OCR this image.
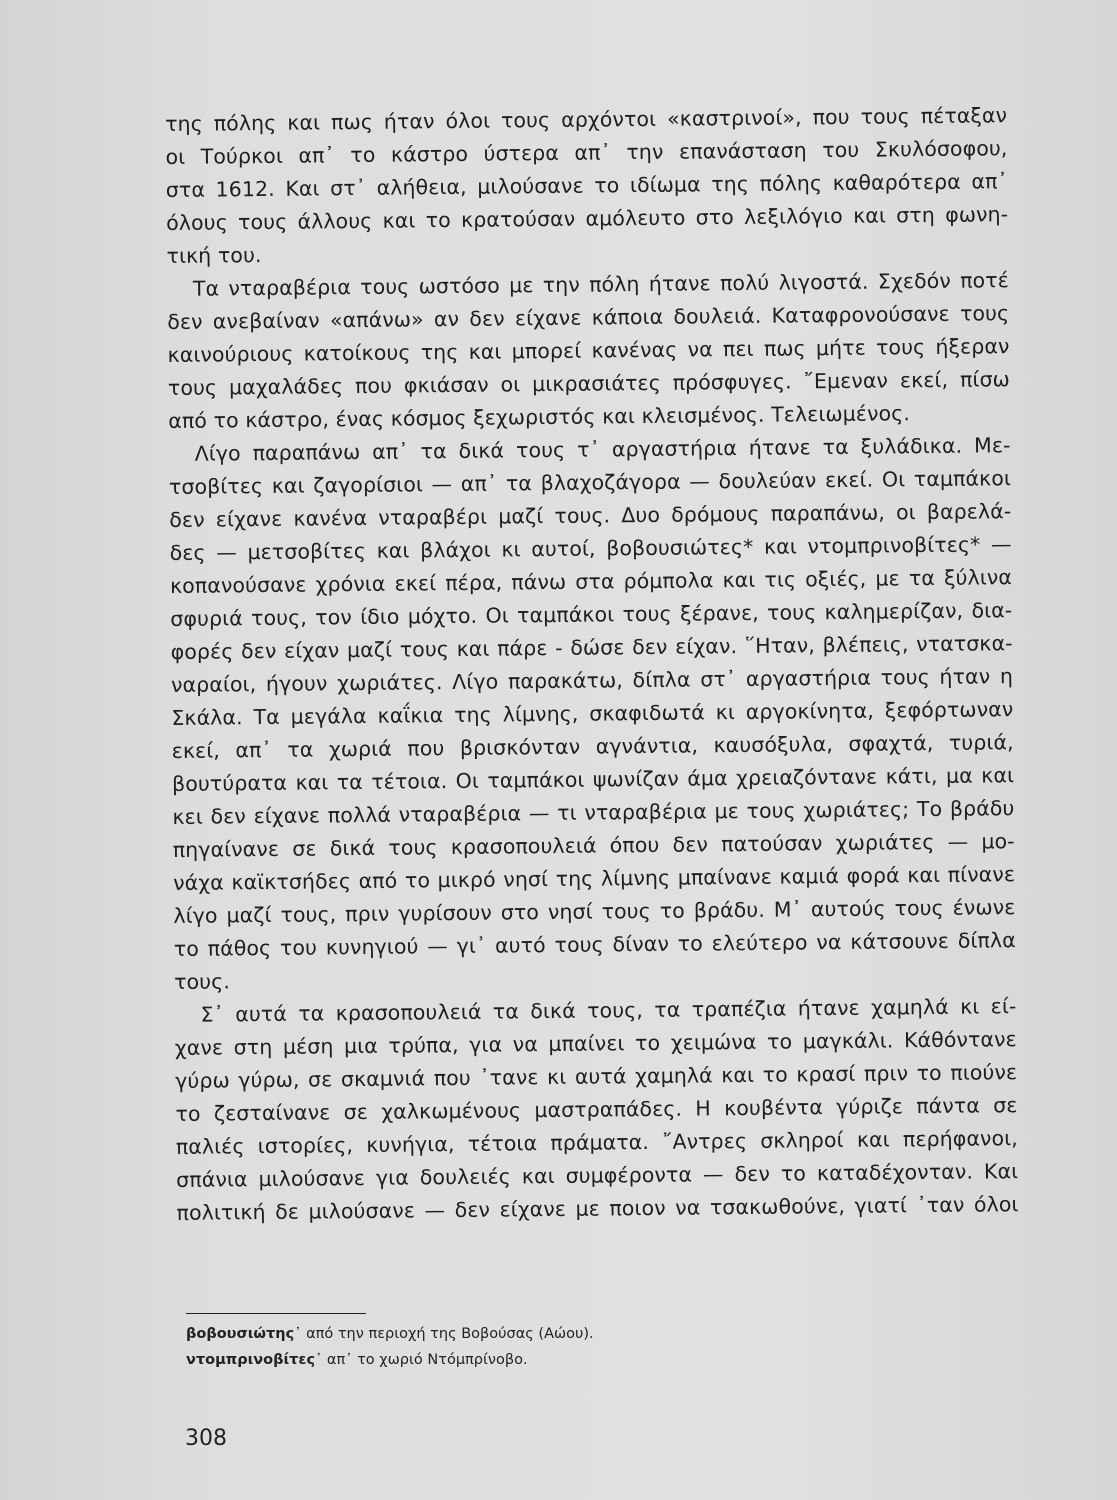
της πόλης και πως ήταν όλοι τους αρχόντοι «καστρινοί», που τους πέταξαν
οι Τούρκοι απ᾿ το κάστρο ύστερα απ᾿ την επανάσταση του Σκυλόσοφου,
στα 1612. Και στ᾿ αλήθεια, μιλούσανε το ιδίωμα της πόλης καθαρότερα απ᾿
όλους τους άλλους και το κρατούσαν αμόλευτο στο λεξιλόγιο και στη φωνη-
τική του.
Τα νταραβέρια τους ωστόσο με την πόλη ήτανε πολύ λιγοστά. Σχεδόν ποτέ
δεν ανεβαίναν «απάνω» αν δεν είχανε κάποια δουλειά. Καταφρονούσανε τους
καινούριους κατοίκους της και μπορεί κανένας να πει πως μήτε τους ήξεραν
τους μαχαλάδες που φκιάσαν οι μικρασιάτες πρόσφυγες. ῎Εμεναν εκεί, πίσω
από το κάστρο, ένας κόσμος ξεχωριστός και κλεισμένος. Τελειωμένος.
Λίγο παραπάνω απ᾿ τα δικά τους τ᾿ αργαστήρια ήτανε τα ξυλάδικα. Με-
τσοβίτες και ζαγορίσιοι — απ᾿ τα βλαχοζάγορα — δουλεύαν εκεί. Οι ταμπάκοι
δεν είχανε κανένα νταραβέρι μαζί τους. Δυο δρόμους παραπάνω, οι βαρελά-
δες — μετσοβίτες και βλάχοι κι αυτοί, βοβουσιώτες* και ντομπρινοβίτες* —
κοπανούσανε χρόνια εκεί πέρα, πάνω στα ρόμπολα και τις οξιές, με τα ξύλινα
σφυριά τους, τον ίδιο μόχτο. Οι ταμπάκοι τους ξέρανε, τους καλημερίζαν, δια-
φορές δεν είχαν μαζί τους και πάρε - δώσε δεν είχαν. ῞Ηταν, βλέπεις, ντατσκα-
ναραίοι, ήγουν χωριάτες. Λίγο παρακάτω, δίπλα στ᾿ αργαστήρια τους ήταν η
Σκάλα. Τα μεγάλα καΐκια της λίμνης, σκαφιδωτά κι αργοκίνητα, ξεφόρτωναν
εκεί, απ᾿ τα χωριά που βρισκόνταν αγνάντια, καυσόξυλα, σφαχτά, τυριά,
βουτύρατα και τα τέτοια. Οι ταμπάκοι ψωνίζαν άμα χρειαζόντανε κάτι, μα και
κει δεν είχανε πολλά νταραβέρια — τι νταραβέρια με τους χωριάτες; Το βράδυ
πηγαίνανε σε δικά τους κρασοπουλειά όπου δεν πατούσαν χωριάτες — μο-
νάχα καϊκτσήδες από το μικρό νησί της λίμνης μπαίνανε καμιά φορά και πίνανε
λίγο μαζί τους, πριν γυρίσουν στο νησί τους το βράδυ. Μ᾿ αυτούς τους ένωνε
το πάθος του κυνηγιού — γι᾿ αυτό τους δίναν το ελεύτερο να κάτσουνε δίπλα
τους.
Σ᾿ αυτά τα κρασοπουλειά τα δικά τους, τα τραπέζια ήτανε χαμηλά κι εί-
χανε στη μέση μια τρύπα, για να μπαίνει το χειμώνα το μαγκάλι. Κάθόντανε
γύρω γύρω, σε σκαμνιά που ᾿τανε κι αυτά χαμηλά και το κρασί πριν το πιούνε
το ζεσταίνανε σε χαλκωμένους μαστραπάδες. Η κουβέντα γύριζε πάντα σε
παλιές ιστορίες, κυνήγια, τέτοια πράματα. ῎Αντρες σκληροί και περήφανοι,
σπάνια μιλούσανε για δουλειές και συμφέροντα — δεν το καταδέχονταν. Και
πολιτική δε μιλούσανε — δεν είχανε με ποιον να τσακωθούνε, γιατί ᾿ταν όλοι
βοβουσιώτης᾿ από την περιοχή της Βοβούσας (Αώου).
ντομπρινοβίτες᾿ απ᾿ το χωριό Ντόμπρίνοβο.
308
